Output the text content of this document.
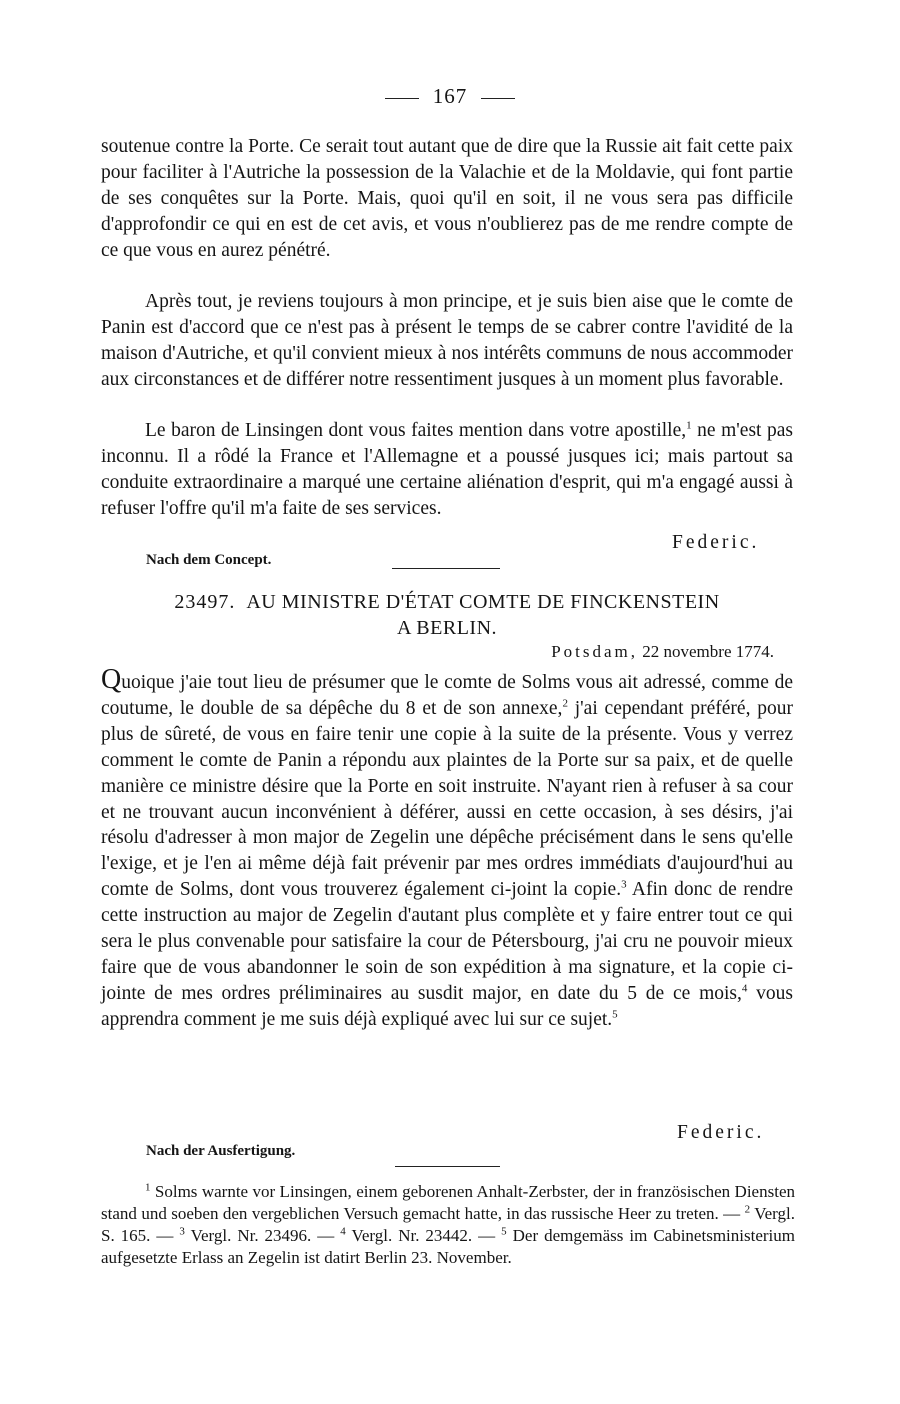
167

soutenue contre la Porte. Ce serait tout autant que de dire que la Russie ait fait cette paix pour faciliter à l'Autriche la possession de la Valachie et de la Moldavie, qui font partie de ses conquêtes sur la Porte. Mais, quoi qu'il en soit, il ne vous sera pas difficile d'approfondir ce qui en est de cet avis, et vous n'oublierez pas de me rendre compte de ce que vous en aurez pénétré.

Après tout, je reviens toujours à mon principe, et je suis bien aise que le comte de Panin est d'accord que ce n'est pas à présent le temps de se cabrer contre l'avidité de la maison d'Autriche, et qu'il convient mieux à nos intérêts communs de nous accommoder aux circonstances et de différer notre ressentiment jusques à un moment plus favorable.

Le baron de Linsingen dont vous faites mention dans votre apostille,$^1$ ne m'est pas inconnu. Il a rôdé la France et l'Allemagne et a poussé jusques ici; mais partout sa conduite extraordinaire a marqué une certaine aliénation d'esprit, qui m'a engagé aussi à refuser l'offre qu'il m'a faite de ses services.

Federic.
Nach dem Concept.
23497. AU MINISTRE D'ÉTAT COMTE DE FINCKENSTEIN
A BERLIN.
Potsdam, 22 novembre 1774.

Quoique j'aie tout lieu de présumer que le comte de Solms vous ait adressé, comme de coutume, le double de sa dépêche du 8 et de son annexe,$^2$ j'ai cependant préféré, pour plus de sûreté, de vous en faire tenir une copie à la suite de la présente. Vous y verrez comment le comte de Panin a répondu aux plaintes de la Porte sur sa paix, et de quelle manière ce ministre désire que la Porte en soit instruite. N'ayant rien à refuser à sa cour et ne trouvant aucun inconvénient à déférer, aussi en cette occasion, à ses désirs, j'ai résolu d'adresser à mon major de Zegelin une dépêche précisément dans le sens qu'elle l'exige, et je l'en ai même déjà fait prévenir par mes ordres immédiats d'aujourd'hui au comte de Solms, dont vous trouverez également ci-joint la copie.$^3$ Afin donc de rendre cette instruction au major de Zegelin d'autant plus complète et y faire entrer tout ce qui sera le plus convenable pour satisfaire la cour de Pétersbourg, j'ai cru ne pouvoir mieux faire que de vous abandonner le soin de son expédition à ma signature, et la copie ci-jointe de mes ordres préliminaires au susdit major, en date du 5 de ce mois,$^4$ vous apprendra comment je me suis déjà expliqué avec lui sur ce sujet.$^5$

Federic.
Nach der Ausfertigung.

$^1$ Solms warnte vor Linsingen, einem geborenen Anhalt-Zerbster, der in französischen Diensten stand und soeben den vergeblichen Versuch gemacht hatte, in das russische Heer zu treten. — $^2$ Vergl. S. 165. — $^3$ Vergl. Nr. 23496. — $^4$ Vergl. Nr. 23442. — $^5$ Der demgemäss im Cabinetsministerium aufgesetzte Erlass an Zegelin ist datirt Berlin 23. November.
